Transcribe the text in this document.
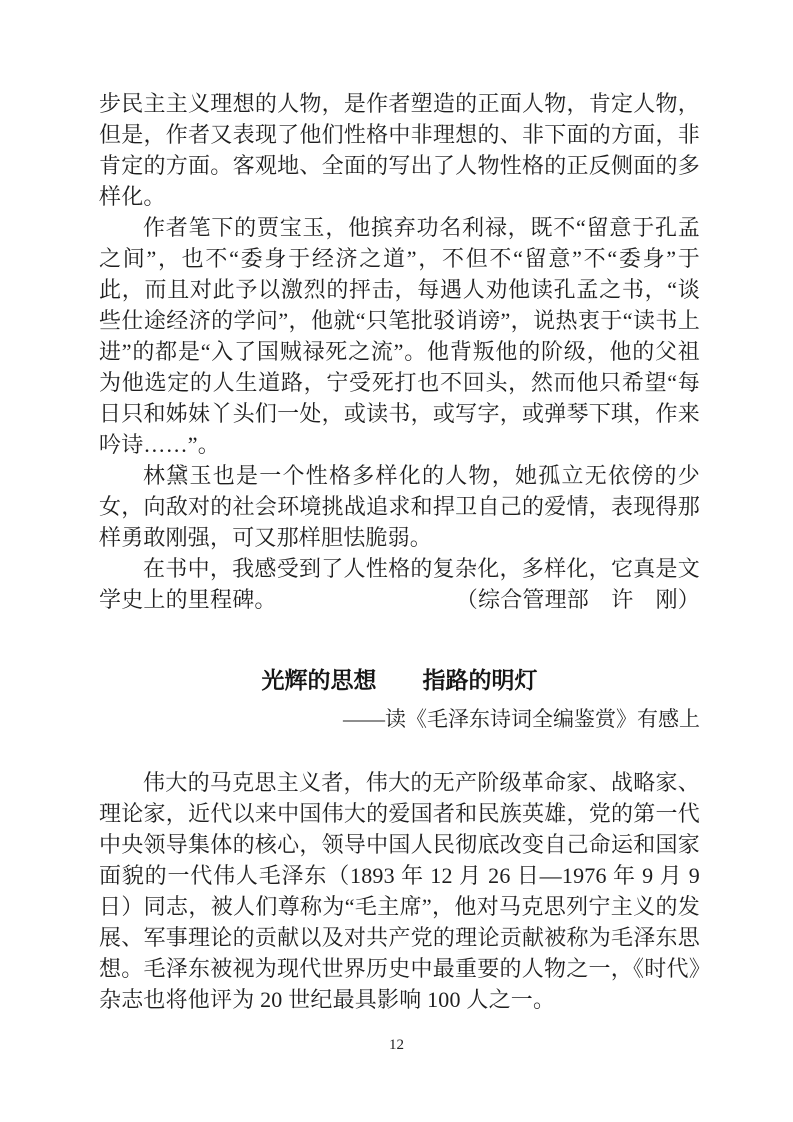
步民主主义理想的人物，是作者塑造的正面人物，肯定人物，但是，作者又表现了他们性格中非理想的、非下面的方面，非肯定的方面。客观地、全面的写出了人物性格的正反侧面的多样化。

作者笔下的贾宝玉，他摈弃功名利禄，既不“留意于孔孟之间”，也不“委身于经济之道”，不但不“留意”不“委身”于此，而且对此予以激烈的抨击，每遇人劝他读孔孟之书，“谈些仕途经济的学问”，他就“只笔批驳诮谤”，说热衷于“读书上进”的都是“入了国贼禄死之流”。他背叛他的阶级，他的父祖为他选定的人生道路，宁受死打也不回头，然而他只希望“每日只和姊妹丫头们一处，或读书，或写字，或弹琴下琪，作来吟诗……”。

林黛玉也是一个性格多样化的人物，她孤立无依傍的少女，向敌对的社会环境挑战追求和捍卫自己的爱情，表现得那样勇敢刚强，可又那样胆怯脆弱。

在书中，我感受到了人性格的复杂化，多样化，它真是文学史上的里程碑。	（综合管理部　许　刚）

光辉的思想　　指路的明灯

——读《毛泽东诗词全编鉴赏》有感上

伟大的马克思主义者，伟大的无产阶级革命家、战略家、理论家，近代以来中国伟大的爱国者和民族英雄，党的第一代中央领导集体的核心，领导中国人民彻底改变自己命运和国家面貌的一代伟人毛泽东（1893 年 12 月 26 日—1976 年 9 月 9 日）同志，被人们尊称为“毛主席”，他对马克思列宁主义的发展、军事理论的贡献以及对共产党的理论贡献被称为毛泽东思想。毛泽东被视为现代世界历史中最重要的人物之一，《时代》杂志也将他评为 20 世纪最具影响 100 人之一。

12
